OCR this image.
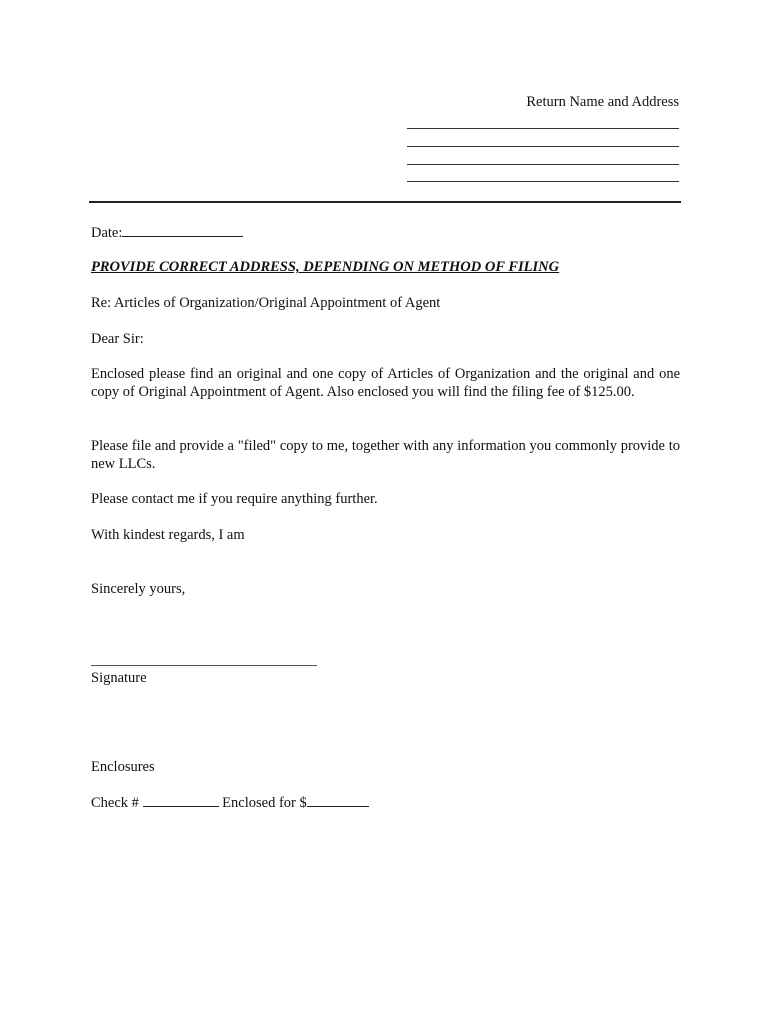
Return Name and Address
Date:
PROVIDE CORRECT ADDRESS, DEPENDING ON METHOD OF FILING
Re: Articles of Organization/Original Appointment of Agent
Dear Sir:
Enclosed please find an original and one copy of Articles of Organization and the original and one copy of Original Appointment of Agent. Also enclosed you will find the filing fee of $125.00.
Please file and provide a "filed" copy to me, together with any information you commonly provide to new LLCs.
Please contact me if you require anything further.
With kindest regards, I am
Sincerely yours,
Signature
Enclosures
Check #	Enclosed for $
